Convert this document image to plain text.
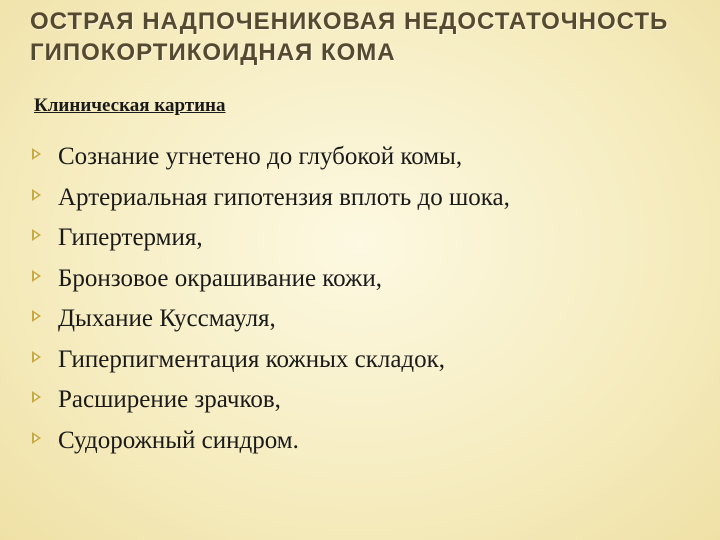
ОСТРАЯ НАДПОЧЕНИКОВАЯ НЕДОСТАТОЧНОСТЬ
ГИПОКОРТИКОИДНАЯ КОМА
Клиническая картина
Сознание угнетено до глубокой комы,
Артериальная гипотензия вплоть до шока,
Гипертермия,
Бронзовое окрашивание кожи,
Дыхание Куссмауля,
Гиперпигментация кожных складок,
Расширение зрачков,
Судорожный синдром.
